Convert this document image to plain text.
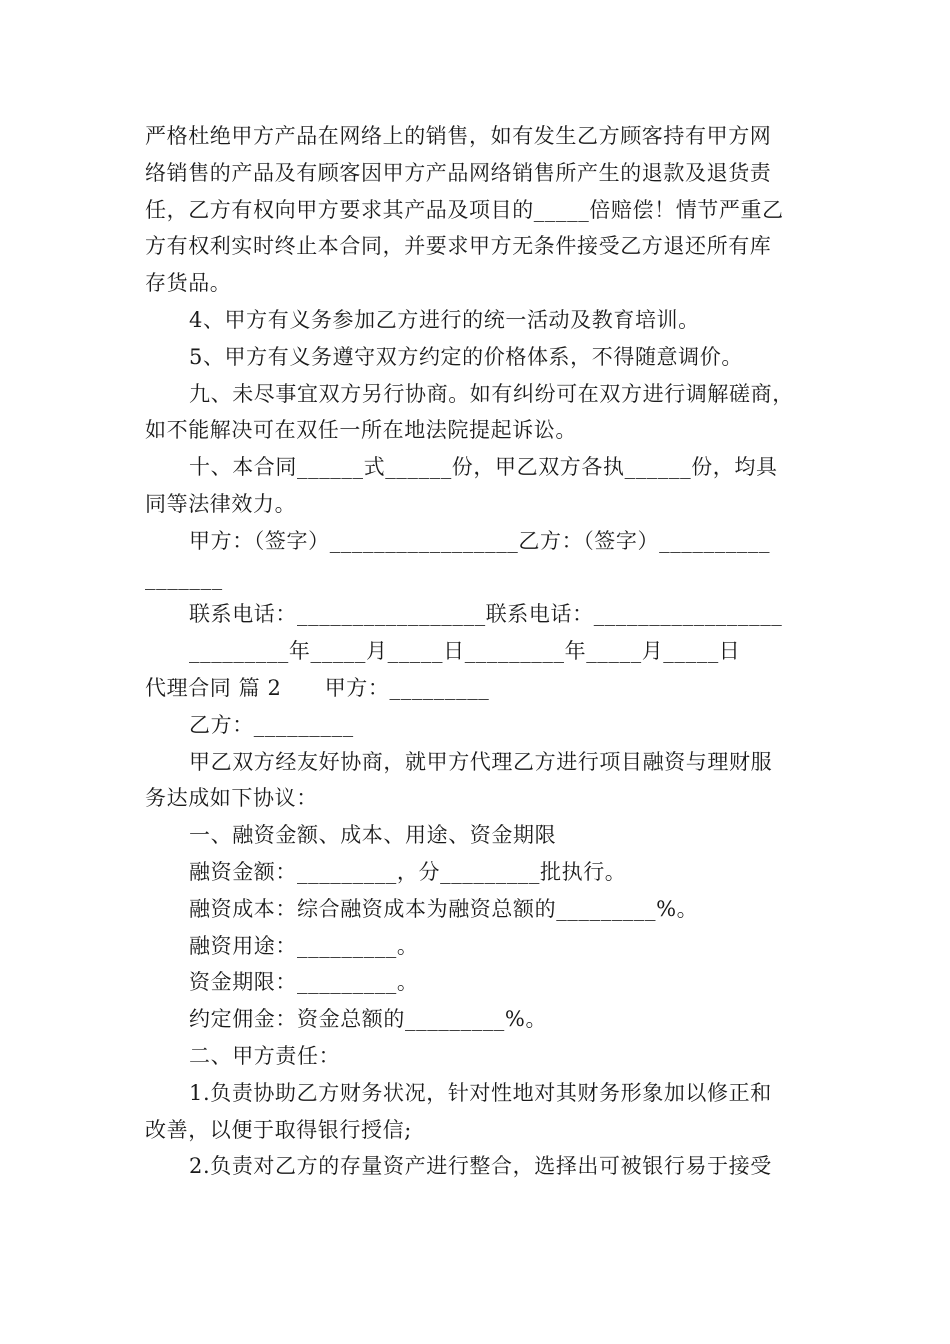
严格杜绝甲方产品在网络上的销售，如有发生乙方顾客持有甲方网
络销售的产品及有顾客因甲方产品网络销售所产生的退款及退货责
任，乙方有权向甲方要求其产品及项目的_____倍赔偿！情节严重乙
方有权利实时终止本合同，并要求甲方无条件接受乙方退还所有库
存货品。
4、甲方有义务参加乙方进行的统一活动及教育培训。
5、甲方有义务遵守双方约定的价格体系，不得随意调价。
九、未尽事宜双方另行协商。如有纠纷可在双方进行调解磋商，
如不能解决可在双任一所在地法院提起诉讼。
十、本合同______式______份，甲乙双方各执______份，均具
同等法律效力。
甲方：（签字）_________________乙方：（签字）__________
_______
联系电话：_________________联系电话：_________________
_________年_____月_____日_________年_____月_____日
代理合同 篇 2　　甲方：_________
乙方：_________
甲乙双方经友好协商，就甲方代理乙方进行项目融资与理财服
务达成如下协议：
一、融资金额、成本、用途、资金期限
融资金额：_________，分_________批执行。
融资成本：综合融资成本为融资总额的_________%。
融资用途：_________。
资金期限：_________。
约定佣金：资金总额的_________%。
二、甲方责任：
1.负责协助乙方财务状况，针对性地对其财务形象加以修正和
改善，以便于取得银行授信;
2.负责对乙方的存量资产进行整合，选择出可被银行易于接受
